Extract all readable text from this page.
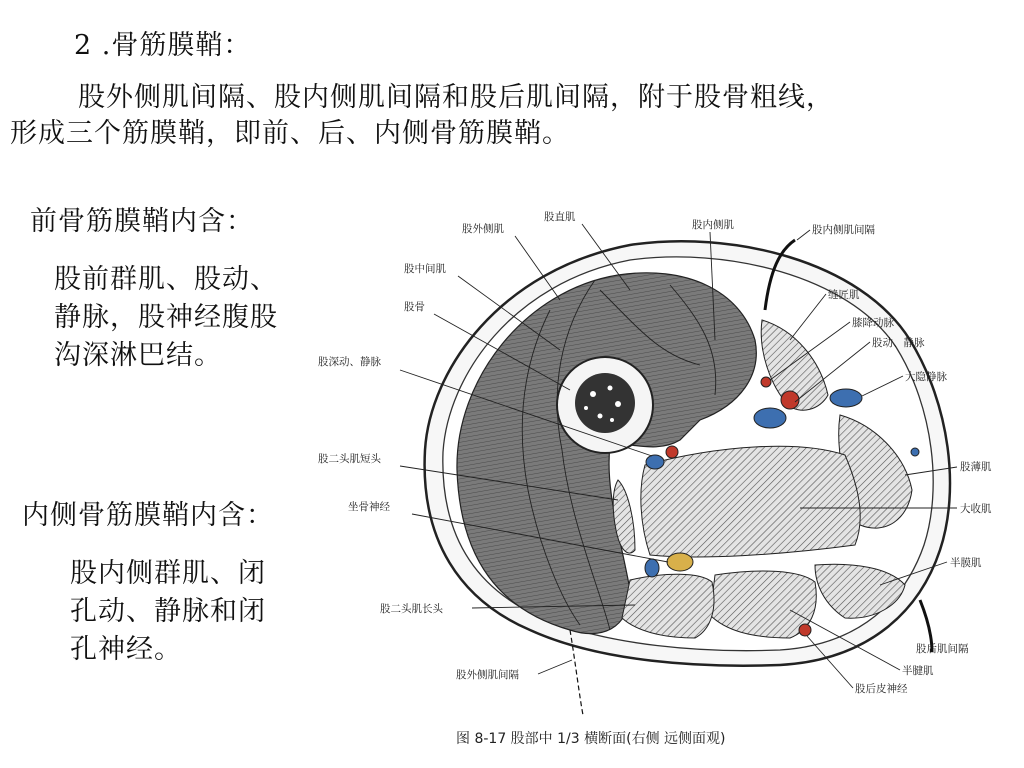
2 .骨筋膜鞘：
股外侧肌间隔、股内侧肌间隔和股后肌间隔，附于股骨粗线，
形成三个筋膜鞘，即前、后、内侧骨筋膜鞘。
前骨筋膜鞘内含：
股前群肌、股动、
静脉，股神经腹股
沟深淋巴结。
内侧骨筋膜鞘内含：
股内侧群肌、闭
孔动、静脉和闭
孔神经。
股外侧肌
股直肌
股内侧肌	股内侧肌间隔
股中间肌
缝匠肌
股骨
膝降动脉
股动、静脉
股深动、静脉
大隐静脉
股二头肌短头
股薄肌
坐骨神经	大收肌
半膜肌
股二头肌长头
股后肌间隔
半腱肌
股外侧肌间隔
股后皮神经
图 8-17 股部中 1/3 横断面(右侧 远侧面观)
